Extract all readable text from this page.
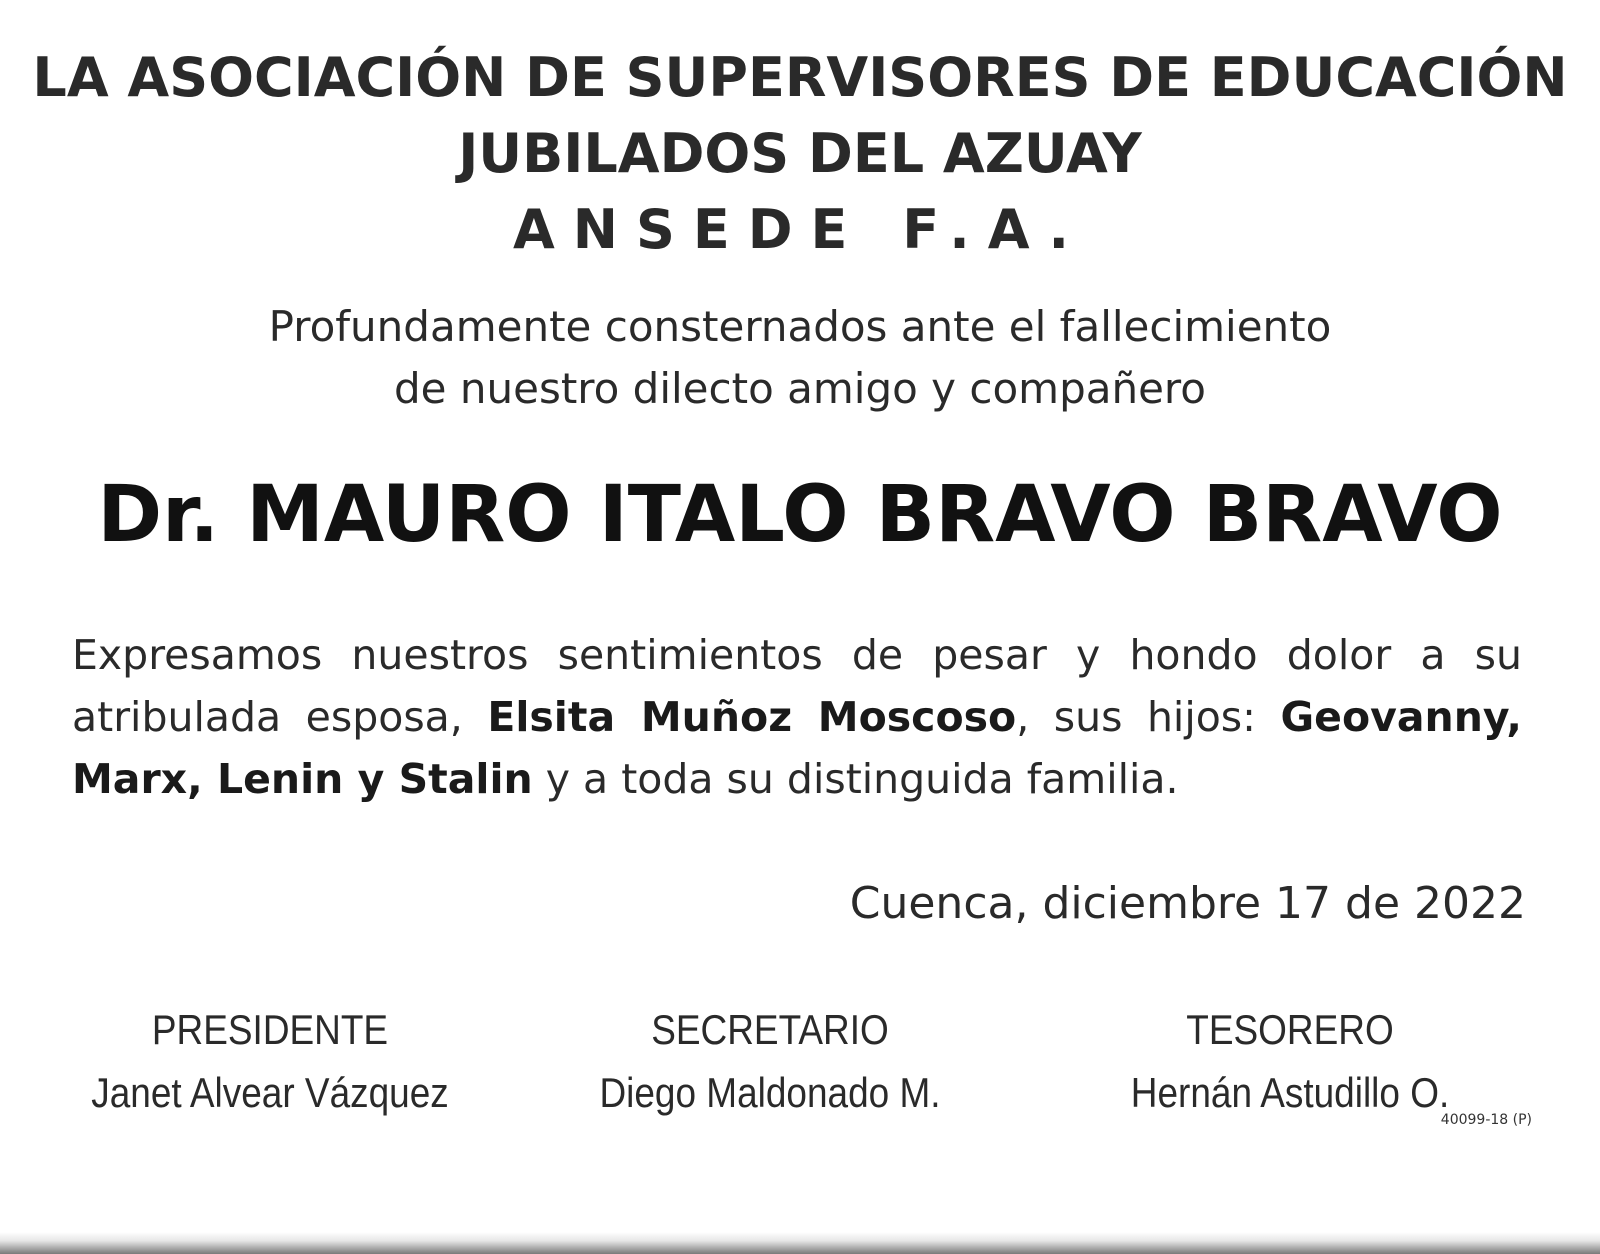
LA ASOCIACIÓN DE SUPERVISORES DE EDUCACIÓN
JUBILADOS DEL AZUAY
ANSEDE F.A.
Profundamente consternados ante el fallecimiento
de nuestro dilecto amigo y compañero
Dr. MAURO ITALO BRAVO BRAVO
Expresamos nuestros sentimientos de pesar y hondo dolor a su atribulada esposa, Elsita Muñoz Moscoso, sus hijos: Geovanny, Marx, Lenin y Stalin y a toda su distinguida familia.
Cuenca, diciembre 17 de 2022
PRESIDENTE
Janet Alvear Vázquez
SECRETARIO
Diego Maldonado M.
TESORERO
Hernán Astudillo O.
40099-18 (P)
